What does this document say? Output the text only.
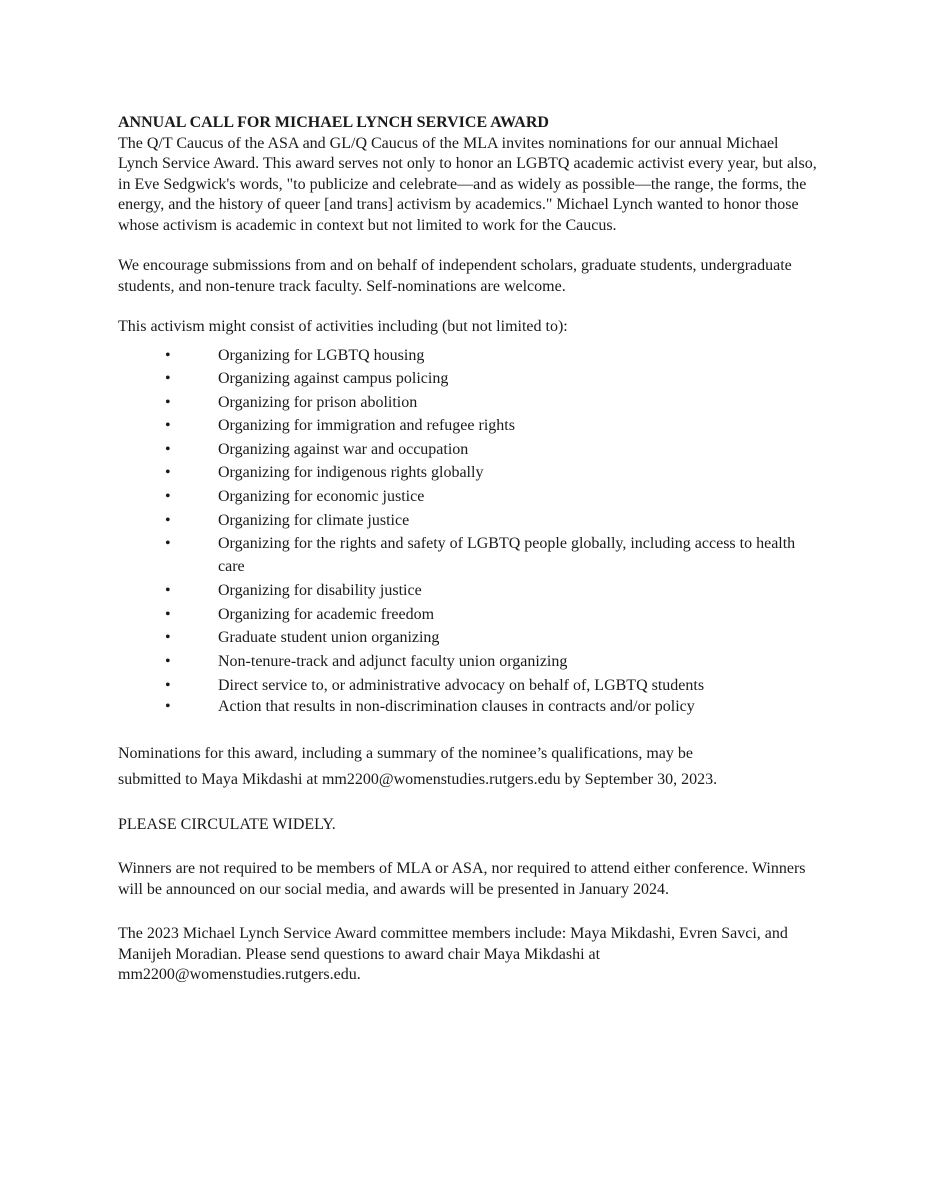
ANNUAL CALL FOR MICHAEL LYNCH SERVICE AWARD

The Q/T Caucus of the ASA and GL/Q Caucus of the MLA invites nominations for our annual Michael Lynch Service Award. This award serves not only to honor an LGBTQ academic activist every year, but also, in Eve Sedgwick's words, "to publicize and celebrate—and as widely as possible—the range, the forms, the energy, and the history of queer [and trans] activism by academics." Michael Lynch wanted to honor those whose activism is academic in context but not limited to work for the Caucus.

We encourage submissions from and on behalf of independent scholars, graduate students, undergraduate students, and non-tenure track faculty. Self-nominations are welcome.

This activism might consist of activities including (but not limited to):

•	Organizing for LGBTQ housing
•	Organizing against campus policing
•	Organizing for prison abolition
•	Organizing for immigration and refugee rights
•	Organizing against war and occupation
•	Organizing for indigenous rights globally
•	Organizing for economic justice
•	Organizing for climate justice
•	Organizing for the rights and safety of LGBTQ people globally, including access to health care
•	Organizing for disability justice
•	Organizing for academic freedom
•	Graduate student union organizing
•	Non-tenure-track and adjunct faculty union organizing
•	Direct service to, or administrative advocacy on behalf of, LGBTQ students
•	Action that results in non-discrimination clauses in contracts and/or policy

Nominations for this award, including a summary of the nominee’s qualifications, may be

submitted to Maya Mikdashi at mm2200@womenstudies.rutgers.edu by September 30, 2023.

PLEASE CIRCULATE WIDELY.

Winners are not required to be members of MLA or ASA, nor required to attend either conference. Winners will be announced on our social media, and awards will be presented in January 2024.

The 2023 Michael Lynch Service Award committee members include: Maya Mikdashi, Evren Savci, and Manijeh Moradian. Please send questions to award chair Maya Mikdashi at mm2200@womenstudies.rutgers.edu.
